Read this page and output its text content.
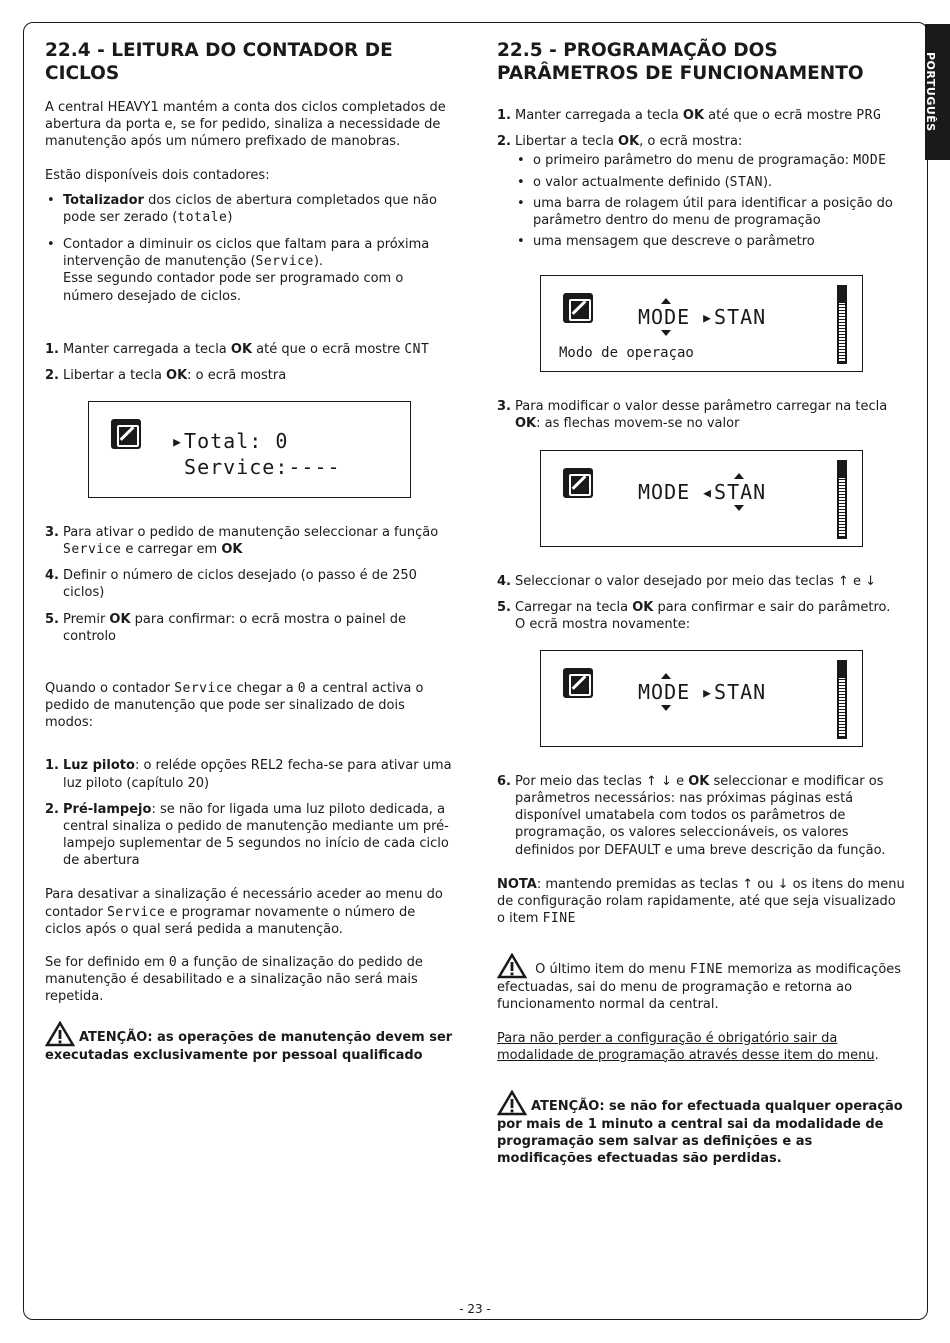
PORTUGUÊS
22.4 - LEITURA DO CONTADOR DE CICLOS

A central HEAVY1 mantém a conta dos ciclos completados de abertura da porta e, se for pedido, sinaliza a necessidade de manutenção após um número prefixado de manobras.

Estão disponíveis dois contadores:

• Totalizador dos ciclos de abertura completados que não pode ser zerado (totale)
• Contador a diminuir os ciclos que faltam para a próxima intervenção de manutenção (Service).
Esse segundo contador pode ser programado com o número desejado de ciclos.
1. Manter carregada a tecla OK até que o ecrã mostre CNT
2. Libertar a tecla OK: o ecrã mostra
▸Total: 0
Service:----
3. Para ativar o pedido de manutenção seleccionar a função Service e carregar em OK
4. Definir o número de ciclos desejado (o passo é de 250 ciclos)
5. Premir OK para confirmar: o ecrã mostra o painel de controlo

Quando o contador Service chegar a 0 a central activa o pedido de manutenção que pode ser sinalizado de dois modos:

1. Luz piloto: o reléde opções REL2 fecha-se para ativar uma luz piloto (capítulo 20)
2. Pré-lampejo: se não for ligada uma luz piloto dedicada, a central sinaliza o pedido de manutenção mediante um pré-lampejo suplementar de 5 segundos no início de cada ciclo de abertura

Para desativar a sinalização é necessário aceder ao menu do contador Service e programar novamente o número de ciclos após o qual será pedida a manutenção.

Se for definido em 0 a função de sinalização do pedido de manutenção é desabilitado e a sinalização não será mais repetida.

ATENÇÃO: as operações de manutenção devem ser executadas exclusivamente por pessoal qualificado

22.5 - PROGRAMAÇÃO DOS PARÂMETROS DE FUNCIONAMENTO
1. Manter carregada a tecla OK até que o ecrã mostre PRG
2. Libertar a tecla OK, o ecrã mostra:
• o primeiro parâmetro do menu de programação: MODE
• o valor actualmente definido (STAN).
• uma barra de rolagem útil para identificar a posição do parâmetro dentro do menu de programação
• uma mensagem que descreve o parâmetro
MODE ▸STAN
Modo de operaçao
3. Para modificar o valor desse parâmetro carregar na tecla OK: as flechas movem-se no valor
MODE ◂STAN
4. Seleccionar o valor desejado por meio das teclas ↑ e ↓
5. Carregar na tecla OK para confirmar e sair do parâmetro.
O ecrã mostra novamente:
MODE ▸STAN
6. Por meio das teclas ↑ ↓ e OK seleccionar e modificar os parâmetros necessários: nas próximas páginas está disponível umatabela com todos os parâmetros de programação, os valores seleccionáveis, os valores definidos por DEFAULT e uma breve descrição da função.

NOTA: mantendo premidas as teclas ↑ ou ↓ os itens do menu de configuração rolam rapidamente, até que seja visualizado o item FINE

O último item do menu FINE memoriza as modificações efectuadas, sai do menu de programação e retorna ao funcionamento normal da central.

Para não perder a configuração é obrigatório sair da modalidade de programação através desse item do menu.

ATENÇÃO: se não for efectuada qualquer operação por mais de 1 minuto a central sai da modalidade de programação sem salvar as definições e as modificações efectuadas são perdidas.

- 23 -
